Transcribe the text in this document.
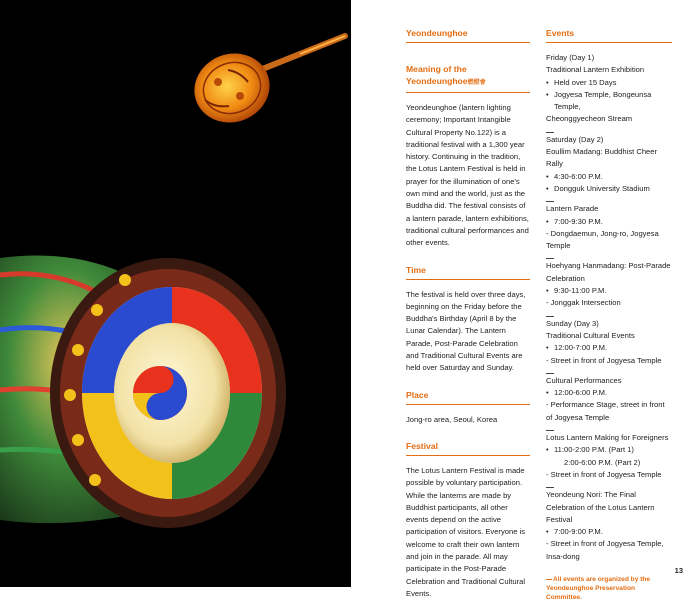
Yeondeunghoe
Meaning of the Yeondeunghoe燃燈會

Yeondeunghoe (lantern lighting ceremony; Important Intangible Cultural Property No.122) is a traditional festival with a 1,300 year history. Continuing in the tradition, the Lotus Lantern Festival is held in prayer for the illumination of one's own mind and the world, just as the Buddha did. The festival consists of a lantern parade, lantern exhibitions, traditional cultural performances and other events.

Time

The festival is held over three days, beginning on the Friday before the Buddha's Birthday (April 8 by the Lunar Calendar). The Lantern Parade, Post-Parade Celebration and Traditional Cultural Events are held over Saturday and Sunday.

Place

Jong-ro area, Seoul, Korea

Festival

The Lotus Lantern Festival is made possible by voluntary participation. While the lanterns are made by Buddhist participants, all other events depend on the active participation of visitors. Everyone is welcome to craft their own lantern and join in the parade. All may participate in the Post-Parade Celebration and Traditional Cultural Events.

Events
Friday (Day 1)
Traditional Lantern Exhibition
• Held over 15 Days
• Jogyesa Temple, Bongeunsa Temple,
Cheonggyecheon Stream
Saturday (Day 2)
Eoullim Madang: Buddhist Cheer Rally
• 4:30-6:00 P.M.
• Dongguk University Stadium
Lantern Parade
• 7:00-9:30 P.M.
- Dongdaemun, Jong-ro, Jogyesa Temple
Hoehyang Hanmadang: Post-Parade Celebration
• 9:30-11:00 P.M.
- Jonggak Intersection
Sunday (Day 3)
Traditional Cultural Events
• 12:00-7:00 P.M.
- Street in front of Jogyesa Temple
Cultural Performances
• 12:00-6:00 P.M.
- Performance Stage, street in front of Jogyesa Temple
Lotus Lantern Making for Foreigners
• 11:00-2:00 P.M. (Part 1)
2:00-6:00 P.M. (Part 2)
- Street in front of Jogyesa Temple
Yeondeung Nori: The Final Celebration of the Lotus Lantern Festival
• 7:00-9:00 P.M.
- Street in front of Jogyesa Temple, Insa-dong
All events are organized by the Yeondeunghoe Preservation Committee.
13
